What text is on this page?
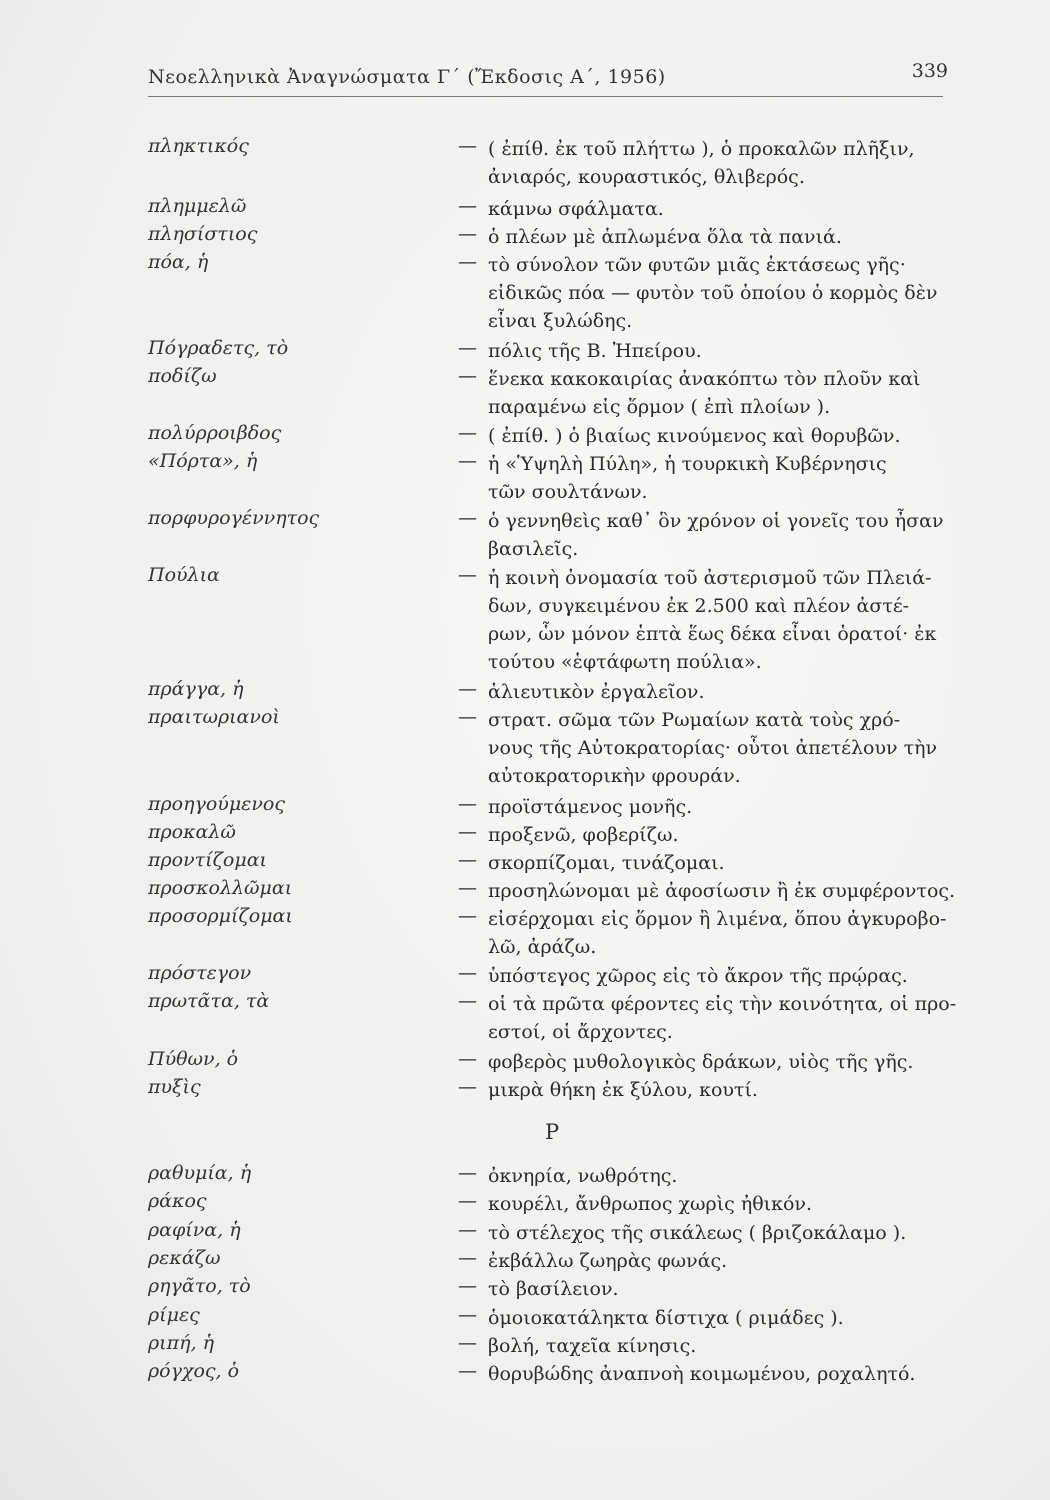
Νεοελληνικὰ Ἀναγνώσματα Γ΄ (Ἔκδοσις Α΄, 1956)	339
πληκτικός	— ( ἐπίθ. ἐκ τοῦ πλήττω ), ὁ προκαλῶν πλῆξιν,
ἀνιαρός, κουραστικός, θλιβερός.
πλημμελῶ	— κάμνω σφάλματα.
πλησίστιος	— ὁ πλέων μὲ ἁπλωμένα ὅλα τὰ πανιά.
πόα, ἡ	— τὸ σύνολον τῶν φυτῶν μιᾶς ἐκτάσεως γῆς·
εἰδικῶς πόα — φυτὸν τοῦ ὁποίου ὁ κορμὸς δὲν
εἶναι ξυλώδης.
Πόγραδετς, τὸ	— πόλις τῆς Β. Ἠπείρου.
ποδίζω	— ἕνεκα κακοκαιρίας ἀνακόπτω τὸν πλοῦν καὶ
παραμένω εἰς ὅρμον ( ἐπὶ πλοίων ).
πολύρροιβδος	— ( ἐπίθ. ) ὁ βιαίως κινούμενος καὶ θορυβῶν.
«Πόρτα», ἡ	— ἡ «Ὑψηλὴ Πύλη», ἡ τουρκικὴ Κυβέρνησις
τῶν σουλτάνων.
πορφυρογέννητος	— ὁ γεννηθεὶς καθ᾽ ὃν χρόνον οἱ γονεῖς του ἦσαν
βασιλεῖς.
Πούλια	— ἡ κοινὴ ὀνομασία τοῦ ἀστερισμοῦ τῶν Πλειά-
δων, συγκειμένου ἐκ 2.500 καὶ πλέον ἀστέ-
ρων, ὧν μόνον ἑπτὰ ἕως δέκα εἶναι ὁρατοί· ἐκ
τούτου «ἑφτάφωτη πούλια».
πράγγα, ἡ	— ἁλιευτικὸν ἐργαλεῖον.
πραιτωριανοὶ	— στρατ. σῶμα τῶν Ρωμαίων κατὰ τοὺς χρό-
νους τῆς Αὐτοκρατορίας· οὗτοι ἀπετέλουν τὴν
αὐτοκρατορικὴν φρουράν.
προηγούμενος	— προϊστάμενος μονῆς.
προκαλῶ	— προξενῶ, φοβερίζω.
προντίζομαι	— σκορπίζομαι, τινάζομαι.
προσκολλῶμαι	— προσηλώνομαι μὲ ἀφοσίωσιν ἢ ἐκ συμφέροντος.
προσορμίζομαι	— εἰσέρχομαι εἰς ὅρμον ἢ λιμένα, ὅπου ἀγκυροβο-
λῶ, ἀράζω.
πρόστεγον	— ὑπόστεγος χῶρος εἰς τὸ ἄκρον τῆς πρῴρας.
πρωτᾶτα, τὰ	— οἱ τὰ πρῶτα φέροντες εἰς τὴν κοινότητα, οἱ προ-
εστοί, οἱ ἄρχοντες.
Πύθων, ὁ	— φοβερὸς μυθολογικὸς δράκων, υἱὸς τῆς γῆς.
πυξὶς	— μικρὰ θήκη ἐκ ξύλου, κουτί.
Ρ
ραθυμία, ἡ	— ὀκνηρία, νωθρότης.
ράκος	— κουρέλι, ἄνθρωπος χωρὶς ἠθικόν.
ραφίνα, ἡ	— τὸ στέλεχος τῆς σικάλεως ( βριζοκάλαμο ).
ρεκάζω	— ἐκβάλλω ζωηρὰς φωνάς.
ρηγᾶτο, τὸ	— τὸ βασίλειον.
ρίμες	— ὁμοιοκατάληκτα δίστιχα ( ριμάδες ).
ριπή, ἡ	— βολή, ταχεῖα κίνησις.
ρόγχος, ὁ	— θορυβώδης ἀναπνοὴ κοιμωμένου, ροχαλητό.
